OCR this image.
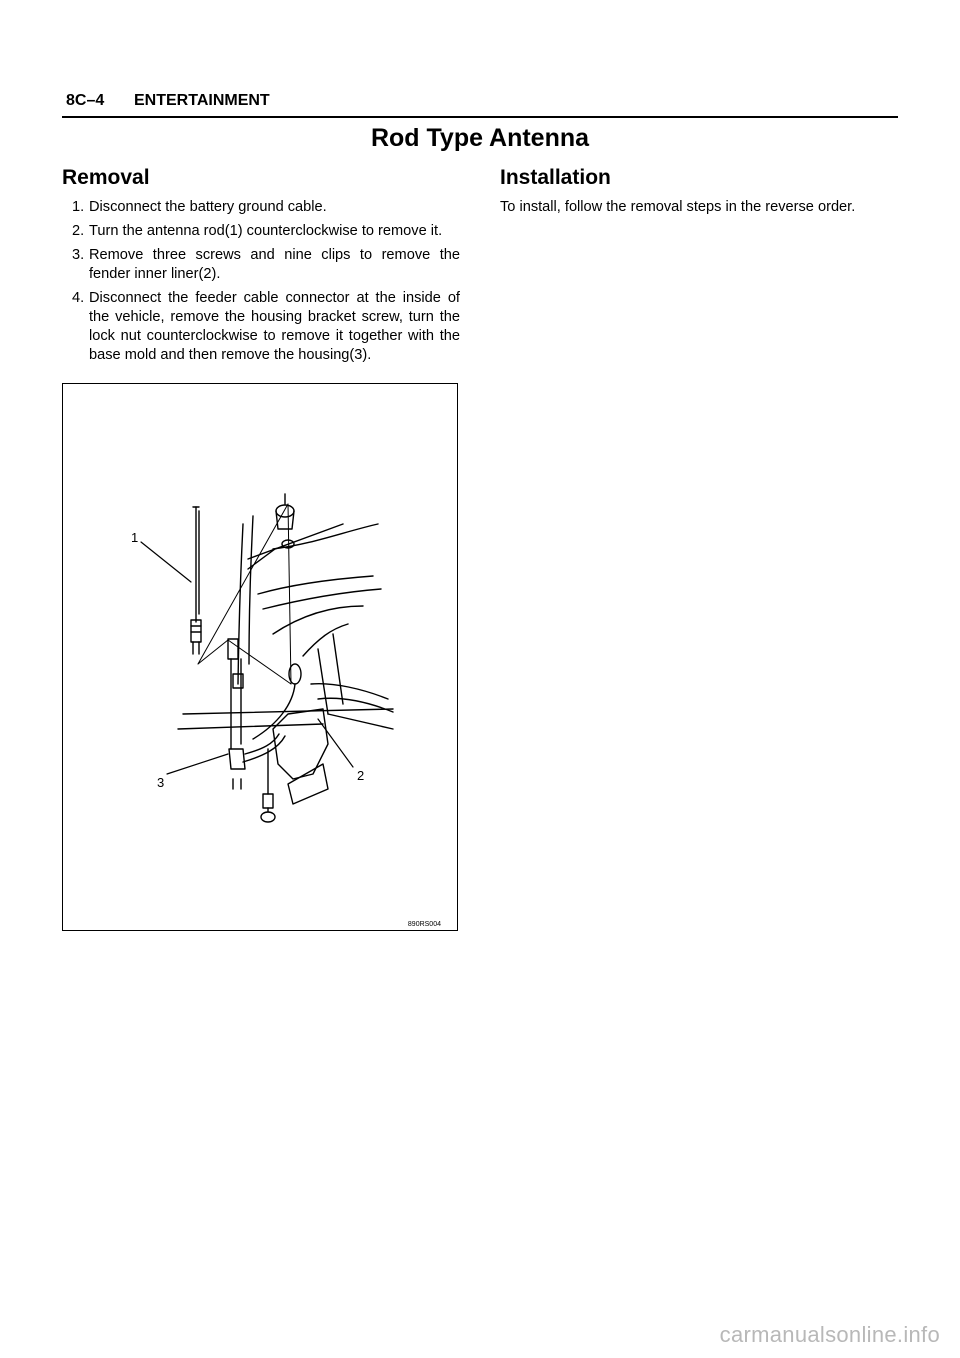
8C–4 ENTERTAINMENT
Rod Type Antenna
Removal
1. Disconnect the battery ground cable.
2. Turn the antenna rod(1) counterclockwise to remove it.
3. Remove three screws and nine clips to remove the fender inner liner(2).
4. Disconnect the feeder cable connector at the inside of the vehicle, remove the housing bracket screw, turn the lock nut counterclockwise to remove it together with the base mold and then remove the housing(3).
Installation
To install, follow the removal steps in the reverse order.
1
2
3
890RS004
carmanualsonline.info
